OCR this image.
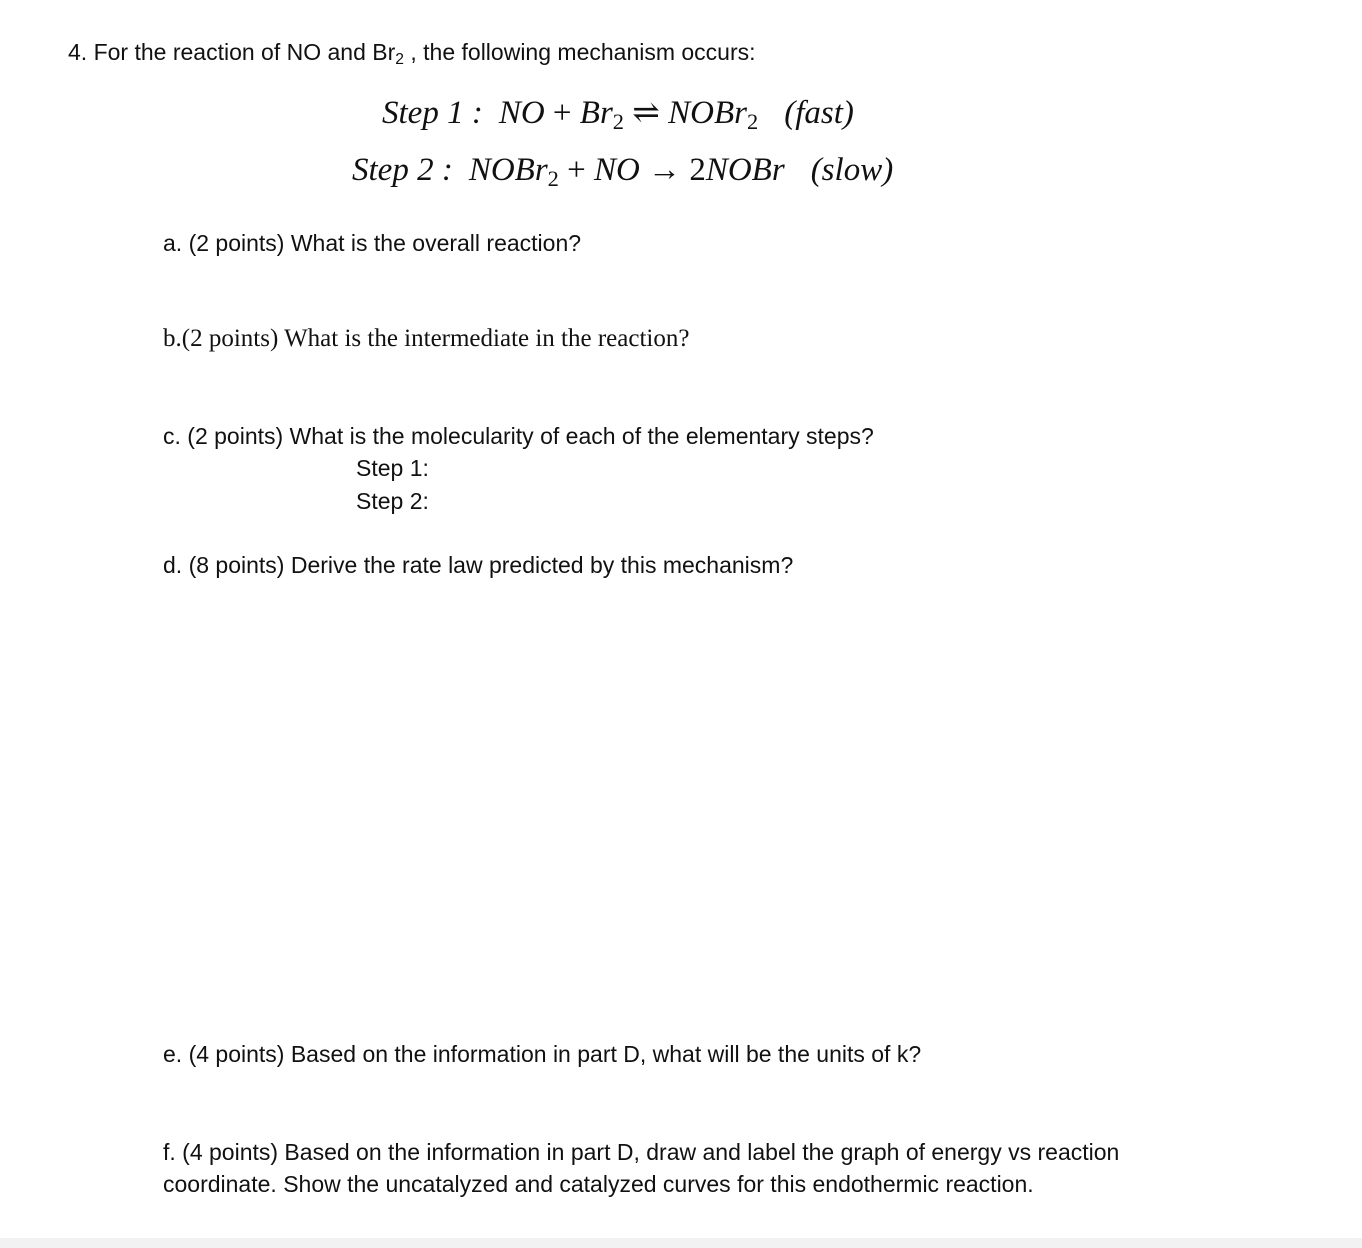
4. For the reaction of NO and Br2 , the following mechanism occurs:
Step 1 : NO + Br2 ⇌ NOBr2 (fast)
Step 2 : NOBr2 + NO → 2NOBr (slow)
a. (2 points) What is the overall reaction?
b.(2 points) What is the intermediate in the reaction?
c. (2 points) What is the molecularity of each of the elementary steps?
Step 1:
Step 2:
d. (8 points) Derive the rate law predicted by this mechanism?
e. (4 points) Based on the information in part D, what will be the units of k?
f. (4 points) Based on the information in part D, draw and label the graph of energy vs reaction
coordinate. Show the uncatalyzed and catalyzed curves for this endothermic reaction.
